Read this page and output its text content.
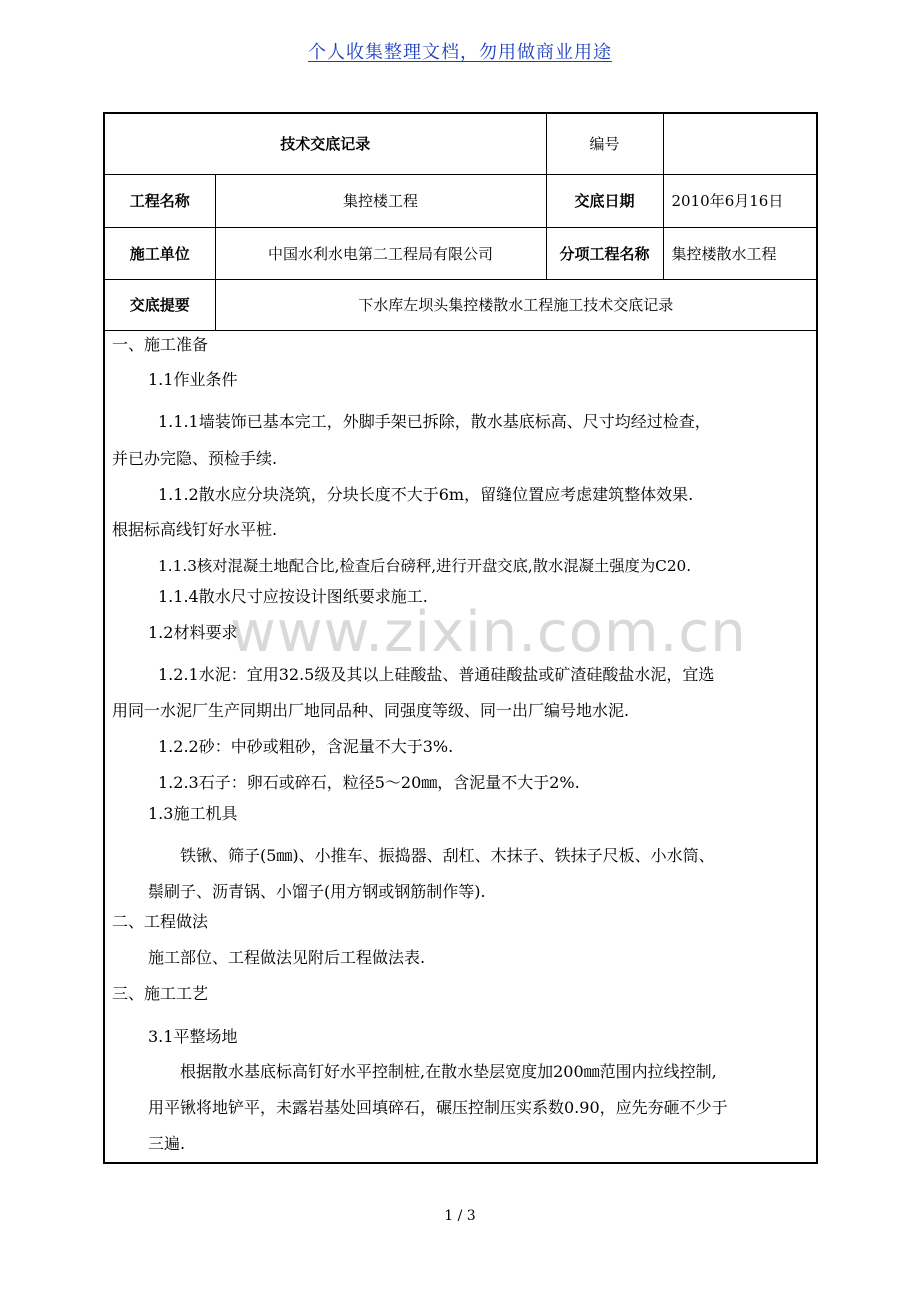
个人收集整理文档，勿用做商业用途
www.zixin.com.cn
技术交底记录		编号	
工程名称	集控楼工程	交底日期	2010年6月16日
施工单位	中国水利水电第二工程局有限公司	分项工程名称	集控楼散水工程
交底提要	下水库左坝头集控楼散水工程施工技术交底记录		
一、施工准备
1.1作业条件
1.1.1墙装饰已基本完工，外脚手架已拆除，散水基底标高、尺寸均经过检查，
并已办完隐、预检手续.
1.1.2散水应分块浇筑，分块长度不大于6m，留缝位置应考虑建筑整体效果.
根据标高线钉好水平桩.
1.1.3核对混凝土地配合比,检查后台磅秤,进行开盘交底,散水混凝土强度为C20.
1.1.4散水尺寸应按设计图纸要求施工.
1.2材料要求
1.2.1水泥：宜用32.5级及其以上硅酸盐、普通硅酸盐或矿渣硅酸盐水泥，宜选
用同一水泥厂生产同期出厂地同品种、同强度等级、同一出厂编号地水泥.
1.2.2砂：中砂或粗砂，含泥量不大于3%.
1.2.3石子：卵石或碎石，粒径5～20㎜，含泥量不大于2%.
1.3施工机具
铁锹、筛子(5㎜)、小推车、振捣器、刮杠、木抹子、铁抹子尺板、小水筒、
鬃刷子、沥青锅、小馏子(用方钢或钢筋制作等).
二、工程做法
施工部位、工程做法见附后工程做法表.
三、施工工艺
3.1平整场地
根据散水基底标高钉好水平控制桩,在散水垫层宽度加200㎜范围内拉线控制,
用平锹将地铲平，未露岩基处回填碎石，碾压控制压实系数0.90，应先夯砸不少于
三遍.
1 / 3
